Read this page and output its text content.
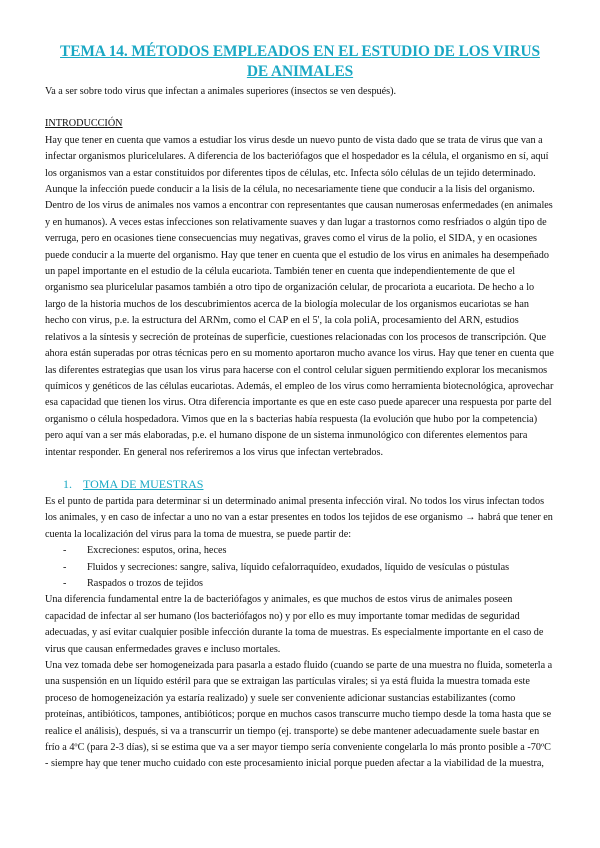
TEMA 14. MÉTODOS EMPLEADOS EN EL ESTUDIO DE LOS VIRUS DE ANIMALES

Va a ser sobre todo virus que infectan a animales superiores (insectos se ven después).

INTRODUCCIÓN

Hay que tener en cuenta que vamos a estudiar los virus desde un nuevo punto de vista dado que se trata de virus que van a infectar organismos pluricelulares. A diferencia de los bacteriófagos que el hospedador es la célula, el organismo en sí, aquí los organismos van a estar constituidos por diferentes tipos de células, etc. Infecta sólo células de un tejido determinado. Aunque la infección puede conducir a la lisis de la célula, no necesariamente tiene que conducir a la lisis del organismo. Dentro de los virus de animales nos vamos a encontrar con representantes que causan numerosas enfermedades (en animales y en humanos). A veces estas infecciones son relativamente suaves y dan lugar a trastornos como resfriados o algún tipo de verruga, pero en ocasiones tiene consecuencias muy negativas, graves como el virus de la polio, el SIDA, y en ocasiones puede conducir a la muerte del organismo. Hay que tener en cuenta que el estudio de los virus en animales ha desempeñado un papel importante en el estudio de la célula eucariota. También tener en cuenta que independientemente de que el organismo sea pluricelular pasamos también a otro tipo de organización celular, de procariota a eucariota. De hecho a lo largo de la historia muchos de los descubrimientos acerca de la biología molecular de los organismos eucariotas se han hecho con virus, p.e. la estructura del ARNm, como el CAP en el 5', la cola poliA, procesamiento del ARN, estudios relativos a la síntesis y secreción de proteínas de superficie, cuestiones relacionadas con los procesos de transcripción. Que ahora están superadas por otras técnicas pero en su momento aportaron mucho avance los virus. Hay que tener en cuenta que las diferentes estrategias que usan los virus para hacerse con el control celular siguen permitiendo explorar los mecanismos químicos y genéticos de las células eucariotas. Además, el empleo de los virus como herramienta biotecnológica, aprovechar esa capacidad que tienen los virus. Otra diferencia importante es que en este caso puede aparecer una respuesta por parte del organismo o célula hospedadora. Vimos que en la s bacterias había respuesta (la evolución que hubo por la competencia) pero aquí van a ser más elaboradas, p.e. el humano dispone de un sistema inmunológico con diferentes elementos para intentar responder. En general nos referiremos a los virus que infectan vertebrados.

1. TOMA DE MUESTRAS

Es el punto de partida para determinar si un determinado animal presenta infección viral. No todos los virus infectan todos los animales, y en caso de infectar a uno no van a estar presentes en todos los tejidos de ese organismo → habrá que tener en cuenta la localización del virus para la toma de muestra, se puede partir de:

-	Excreciones: esputos, orina, heces
-	Fluidos y secreciones: sangre, saliva, líquido cefalorraquídeo, exudados, líquido de vesículas o pústulas
-	Raspados o trozos de tejidos

Una diferencia fundamental entre la de bacteriófagos y animales, es que muchos de estos virus de animales poseen capacidad de infectar al ser humano (los bacteriófagos no) y por ello es muy importante tomar medidas de seguridad adecuadas, y así evitar cualquier posible infección durante la toma de muestras. Es especialmente importante en el caso de virus que causan enfermedades graves e incluso mortales.

Una vez tomada debe ser homogeneizada para pasarla a estado fluido (cuando se parte de una muestra no fluida, someterla a una suspensión en un líquido estéril para que se extraigan las partículas virales; si ya está fluida la muestra tomada este proceso de homogeneización ya estaría realizado) y suele ser conveniente adicionar sustancias estabilizantes (como proteínas, antibióticos, tampones, antibióticos; porque en muchos casos transcurre mucho tiempo desde la toma hasta que se realice el análisis), después, si va a transcurrir un tiempo (ej. transporte) se debe mantener adecuadamente suele bastar en frío a 4ºC (para 2-3 días), si se estima que va a ser mayor tiempo sería conveniente congelarla lo más pronto posible a -70ºC - siempre hay que tener mucho cuidado con este procesamiento inicial porque pueden afectar a la viabilidad de la muestra,
